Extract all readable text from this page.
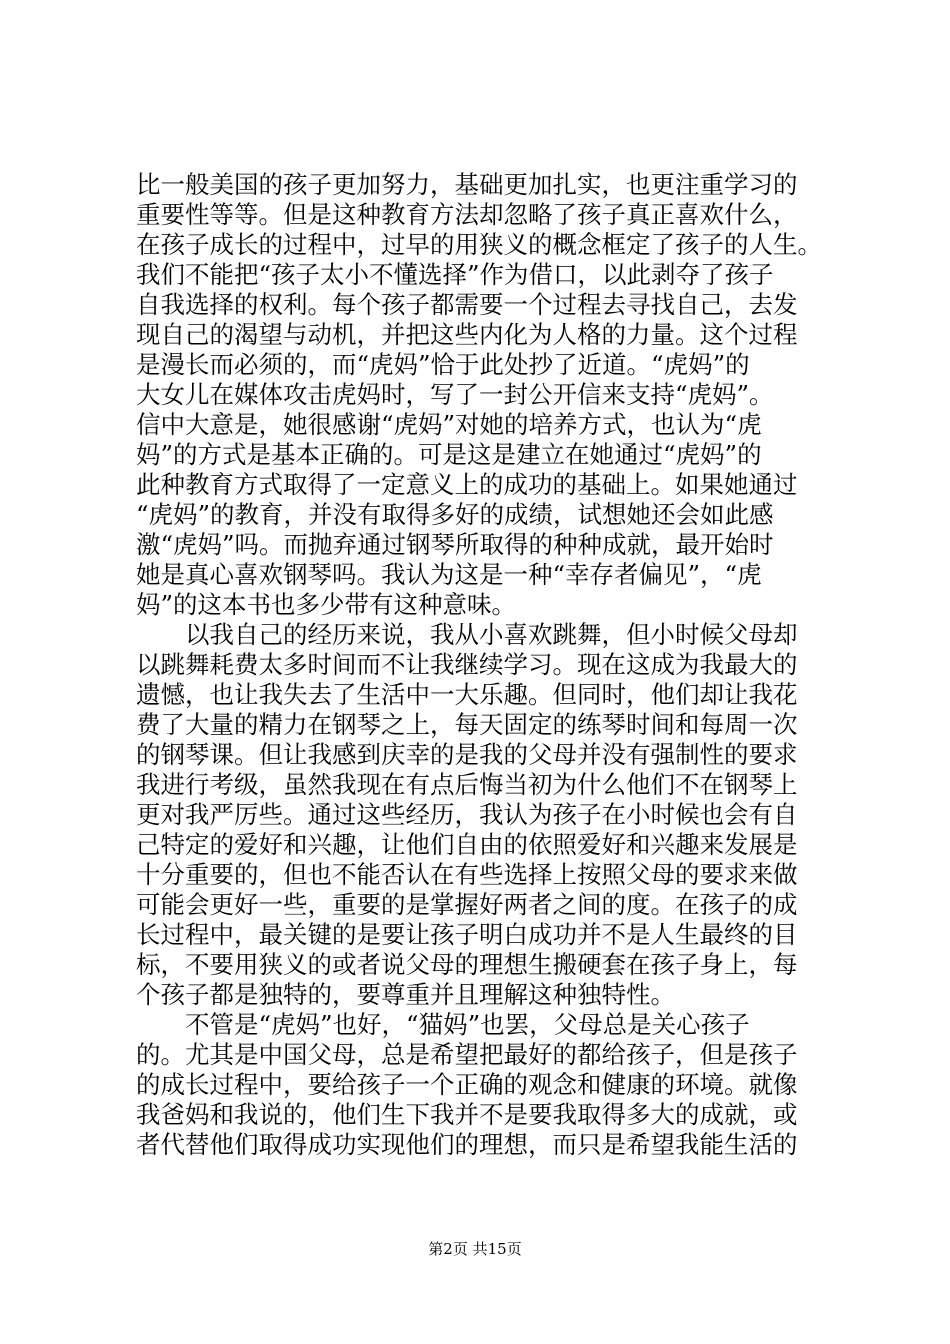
比一般美国的孩子更加努力，基础更加扎实，也更注重学习的
重要性等等。但是这种教育方法却忽略了孩子真正喜欢什么，
在孩子成长的过程中，过早的用狭义的概念框定了孩子的人生。
我们不能把“孩子太小不懂选择”作为借口，以此剥夺了孩子
自我选择的权利。每个孩子都需要一个过程去寻找自己，去发
现自己的渴望与动机，并把这些内化为人格的力量。这个过程
是漫长而必须的，而“虎妈”恰于此处抄了近道。“虎妈”的
大女儿在媒体攻击虎妈时，写了一封公开信来支持“虎妈”。
信中大意是，她很感谢“虎妈”对她的培养方式，也认为“虎
妈”的方式是基本正确的。可是这是建立在她通过“虎妈”的
此种教育方式取得了一定意义上的成功的基础上。如果她通过
“虎妈”的教育，并没有取得多好的成绩，试想她还会如此感
激“虎妈”吗。而抛弃通过钢琴所取得的种种成就，最开始时
她是真心喜欢钢琴吗。我认为这是一种“幸存者偏见”，“虎
妈”的这本书也多少带有这种意味。
　　以我自己的经历来说，我从小喜欢跳舞，但小时候父母却
以跳舞耗费太多时间而不让我继续学习。现在这成为我最大的
遗憾，也让我失去了生活中一大乐趣。但同时，他们却让我花
费了大量的精力在钢琴之上，每天固定的练琴时间和每周一次
的钢琴课。但让我感到庆幸的是我的父母并没有强制性的要求
我进行考级，虽然我现在有点后悔当初为什么他们不在钢琴上
更对我严厉些。通过这些经历，我认为孩子在小时候也会有自
己特定的爱好和兴趣，让他们自由的依照爱好和兴趣来发展是
十分重要的，但也不能否认在有些选择上按照父母的要求来做
可能会更好一些，重要的是掌握好两者之间的度。在孩子的成
长过程中，最关键的是要让孩子明白成功并不是人生最终的目
标，不要用狭义的或者说父母的理想生搬硬套在孩子身上，每
个孩子都是独特的，要尊重并且理解这种独特性。
　　不管是“虎妈”也好，“猫妈”也罢，父母总是关心孩子
的。尤其是中国父母，总是希望把最好的都给孩子，但是孩子
的成长过程中，要给孩子一个正确的观念和健康的环境。就像
我爸妈和我说的，他们生下我并不是要我取得多大的成就，或
者代替他们取得成功实现他们的理想，而只是希望我能生活的
第2页 共15页
